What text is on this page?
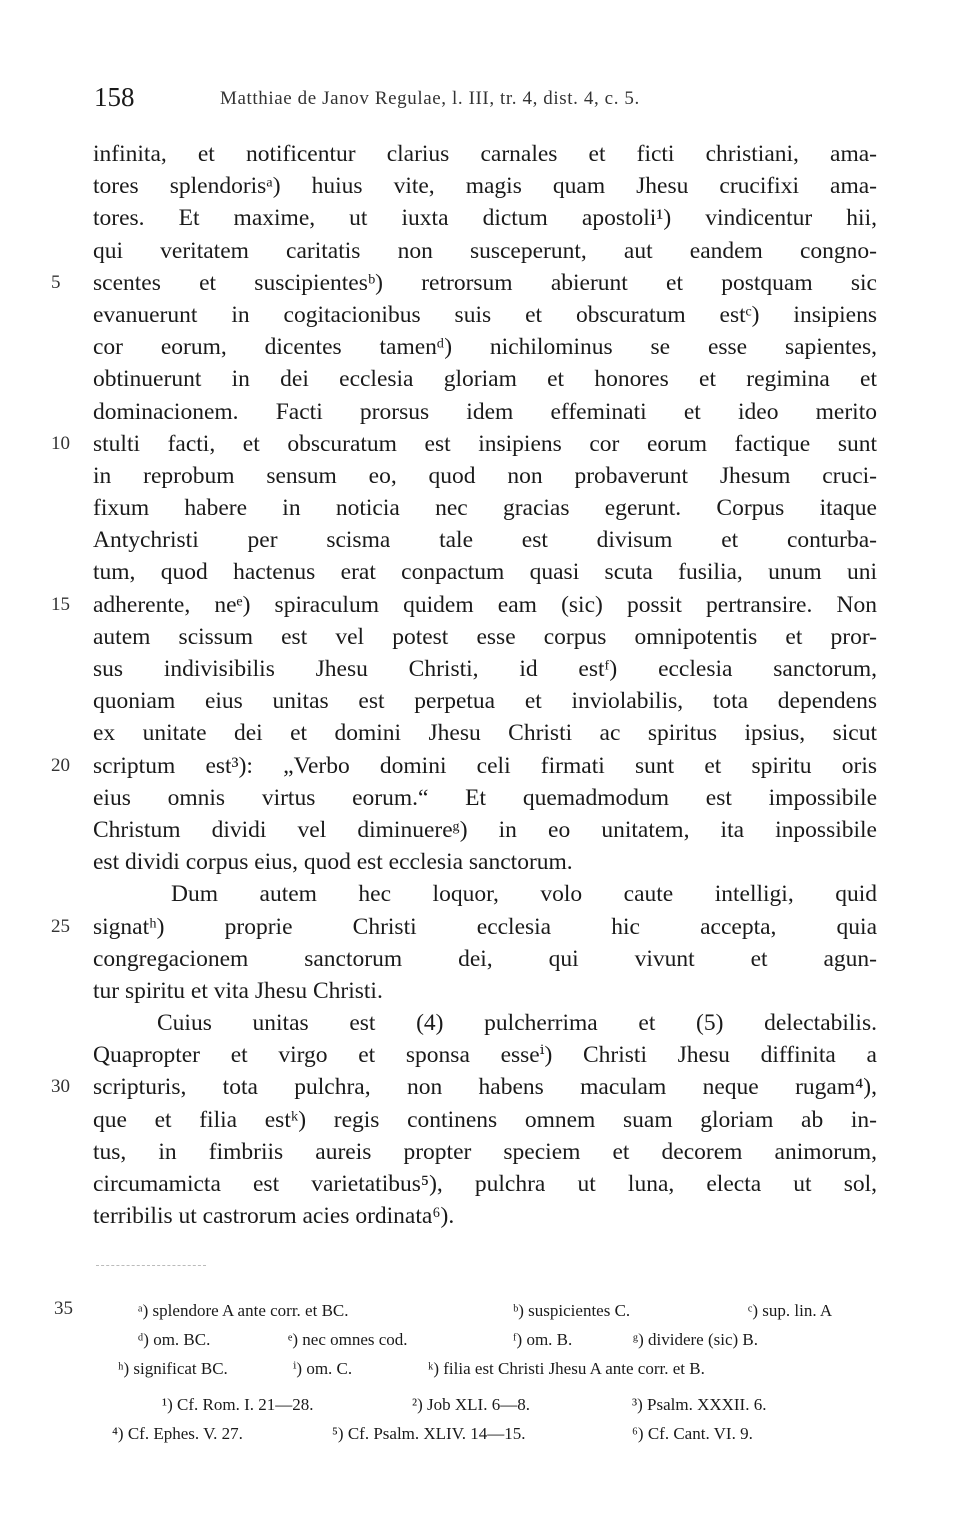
158	Matthiae de Janov Regulae, l. III, tr. 4, dist. 4, c. 5.
infinita, et notificentur clarius carnales et ficti christiani, ama-
tores splendorisᵃ) huius vite, magis quam Jhesu crucifixi ama-
tores. Et maxime, ut iuxta dictum apostoli¹) vindicentur hii,
qui veritatem caritatis non susceperunt, aut eandem congno-
5 scentes et suscipientesᵇ) retrorsum abierunt et postquam sic
evanuerunt in cogitacionibus suis et obscuratum estᶜ) insipiens
cor eorum, dicentes tamenᵈ) nichilominus se esse sapientes,
obtinuerunt in dei ecclesia gloriam et honores et regimina et
dominacionem. Facti prorsus idem effeminati et ideo merito
10 stulti facti, et obscuratum est insipiens cor eorum factique sunt
in reprobum sensum eo, quod non probaverunt Jhesum cruci-
fixum habere in noticia nec gracias egerunt. Corpus itaque
Antychristi per scisma tale est divisum et conturba-
tum, quod hactenus erat conpactum quasi scuta fusilia, unum uni
15 adherente, neᵉ) spiraculum quidem eam (sic) possit pertransire. Non
autem scissum est vel potest esse corpus omnipotentis et pror-
sus indivisibilis Jhesu Christi, id estᶠ) ecclesia sanctorum,
quoniam eius unitas est perpetua et inviolabilis, tota dependens
ex unitate dei et domini Jhesu Christi ac spiritus ipsius, sicut
20 scriptum est³): „Verbo domini celi firmati sunt et spiritu oris
eius omnis virtus eorum.“ Et quemadmodum est impossibile
Christum dividi vel diminuereᵍ) in eo unitatem, ita inpossibile
est dividi corpus eius, quod est ecclesia sanctorum.
Dum autem hec loquor, volo caute intelligi, quid
25 signatʰ) proprie Christi ecclesia hic accepta, quia
congregacionem sanctorum dei, qui vivunt et agun-
tur spiritu et vita Jhesu Christi.
Cuius unitas est (4) pulcherrima et (5) delectabilis.
Quapropter et virgo et sponsa esseⁱ) Christi Jhesu diffinita a
30 scripturis, tota pulchra, non habens maculam neque rugam⁴),
que et filia estᵏ) regis continens omnem suam gloriam ab in-
tus, in fimbriis aureis propter speciem et decorem animorum,
circumamicta est varietatibus⁵), pulchra ut luna, electa ut sol,
terribilis ut castrorum acies ordinata⁶).
35	ᵃ) splendore A ante corr. et BC.	ᵇ) suspicientes C.	ᶜ) sup. lin. A
ᵈ) om. BC.	ᵉ) nec omnes cod.	ᶠ) om. B.	ᵍ) dividere (sic) B.
ʰ) significat BC.	ⁱ) om. C.	ᵏ) filia est Christi Jhesu A ante corr. et B.
¹) Cf. Rom. I. 21—28.	²) Job XLI. 6—8.	³) Psalm. XXXII. 6.
⁴) Cf. Ephes. V. 27.	⁵) Cf. Psalm. XLIV. 14—15.	⁶) Cf. Cant. VI. 9.
